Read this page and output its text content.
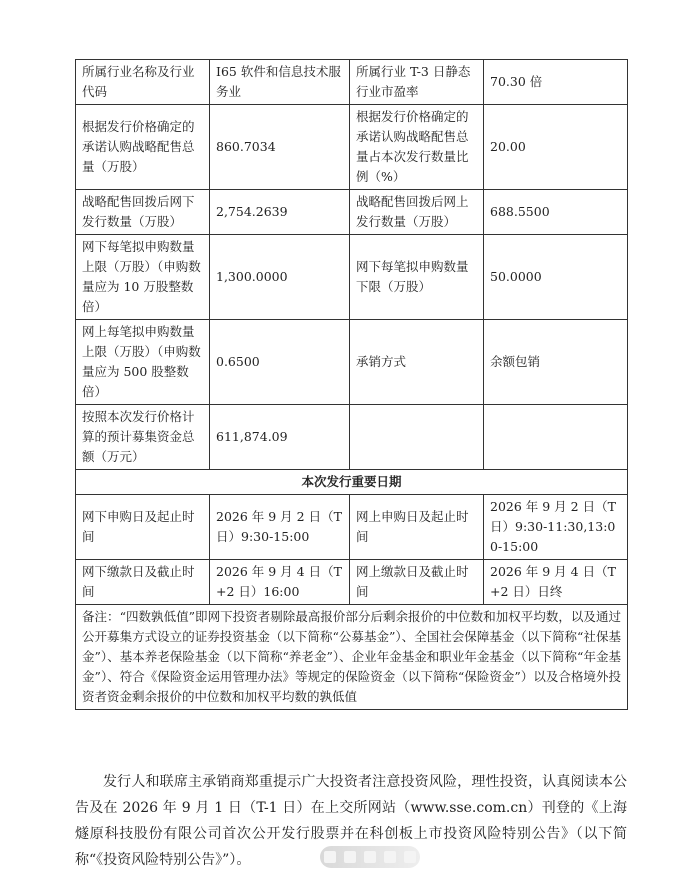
所属行业名称及行业代码	I65 软件和信息技术服务业	所属行业 T-3 日静态行业市盈率	70.30 倍
根据发行价格确定的承诺认购战略配售总量（万股）	860.7034	根据发行价格确定的承诺认购战略配售总量占本次发行数量比例（%）	20.00
战略配售回拨后网下发行数量（万股）	2,754.2639	战略配售回拨后网上发行数量（万股）	688.5500
网下每笔拟申购数量上限（万股）（申购数量应为 10 万股整数倍）	1,300.0000	网下每笔拟申购数量下限（万股）	50.0000
网上每笔拟申购数量上限（万股）（申购数量应为 500 股整数倍）	0.6500	承销方式	余额包销
按照本次发行价格计算的预计募集资金总额（万元）	611,874.09		
本次发行重要日期			
网下申购日及起止时间	2026 年 9 月 2 日（T 日）9:30-15:00	网上申购日及起止时间	2026 年 9 月 2 日（T 日）9:30-11:30,13:00-15:00
网下缴款日及截止时间	2026 年 9 月 4 日（T+2 日）16:00	网上缴款日及截止时间	2026 年 9 月 4 日（T+2 日）日终
备注：“四数孰低值”即网下投资者剔除最高报价部分后剩余报价的中位数和加权平均数，以及通过公开募集方式设立的证券投资基金（以下简称“公募基金”）、全国社会保障基金（以下简称“社保基金”）、基本养老保险基金（以下简称“养老金”）、企业年金基金和职业年金基金（以下简称“年金基金”）、符合《保险资金运用管理办法》等规定的保险资金（以下简称“保险资金”）以及合格境外投资者资金剩余报价的中位数和加权平均数的孰低值			

发行人和联席主承销商郑重提示广大投资者注意投资风险，理性投资，认真阅读本公告及在 2026 年 9 月 1 日（T-1 日）在上交所网站（www.sse.com.cn）刊登的《上海燧原科技股份有限公司首次公开发行股票并在科创板上市投资风险特别公告》（以下简称“《投资风险特别公告》”）。
